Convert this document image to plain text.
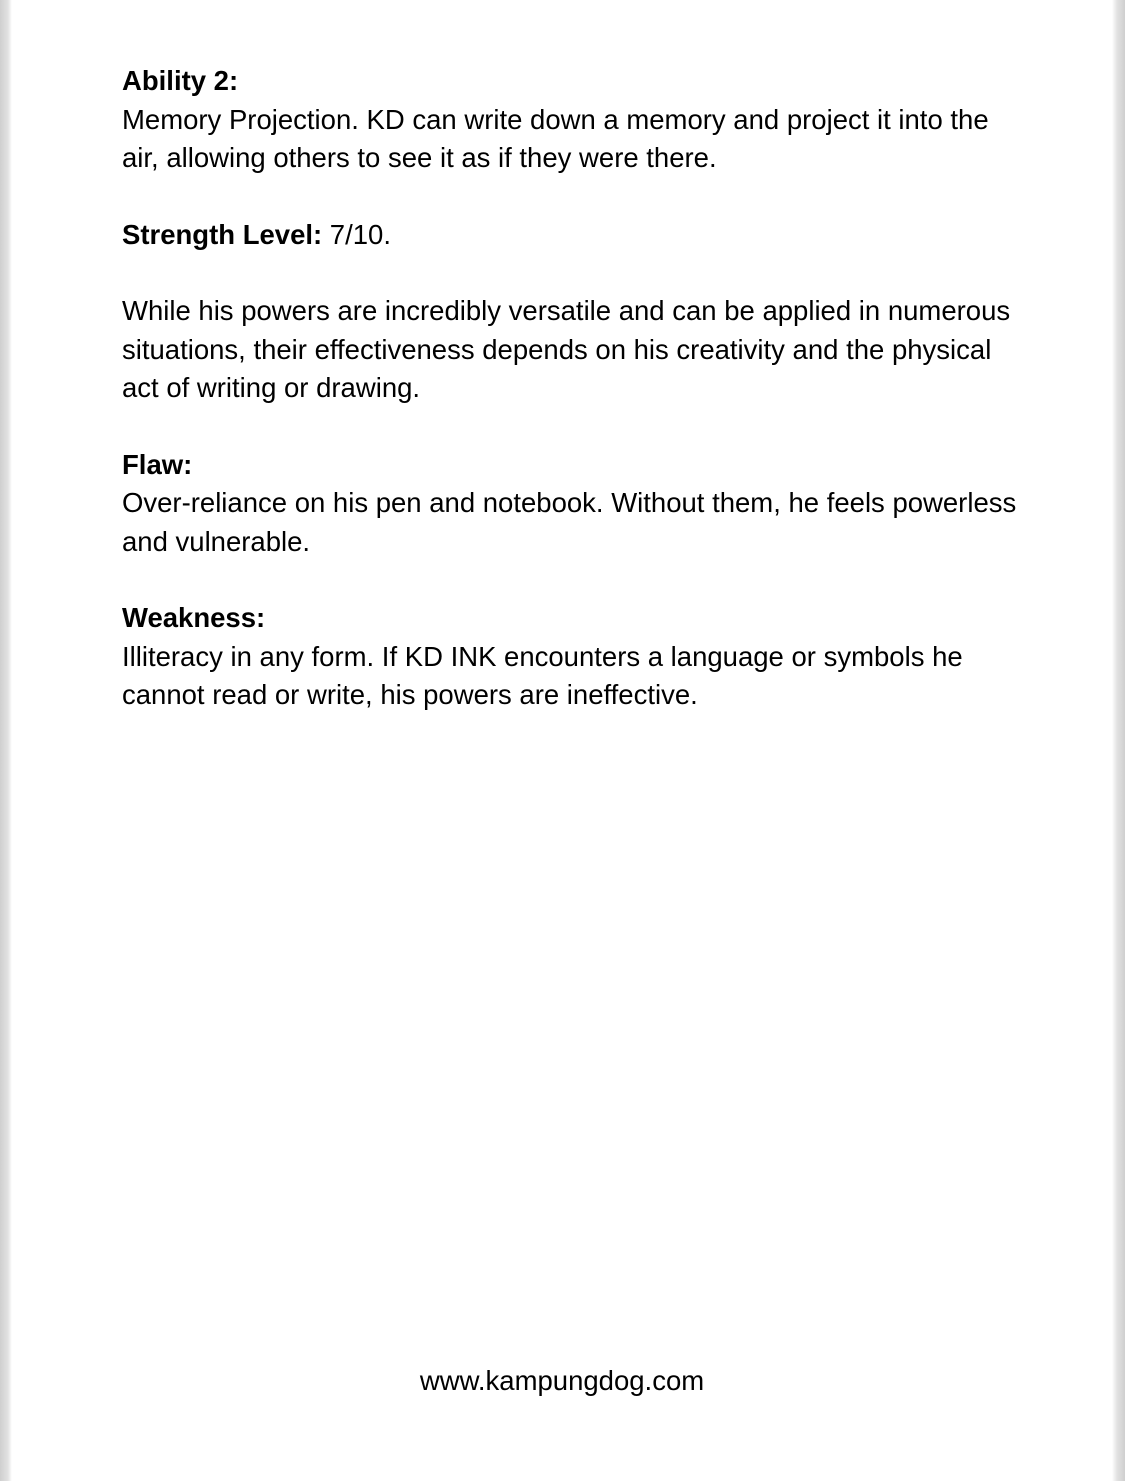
Ability 2:

Memory Projection. KD can write down a memory and project it into the air, allowing others to see it as if they were there.

Strength Level: 7/10.

While his powers are incredibly versatile and can be applied in numerous situations, their effectiveness depends on his creativity and the physical act of writing or drawing.

Flaw:

Over-reliance on his pen and notebook. Without them, he feels powerless and vulnerable.

Weakness:

Illiteracy in any form. If KD INK encounters a language or symbols he cannot read or write, his powers are ineffective.

www.kampungdog.com
